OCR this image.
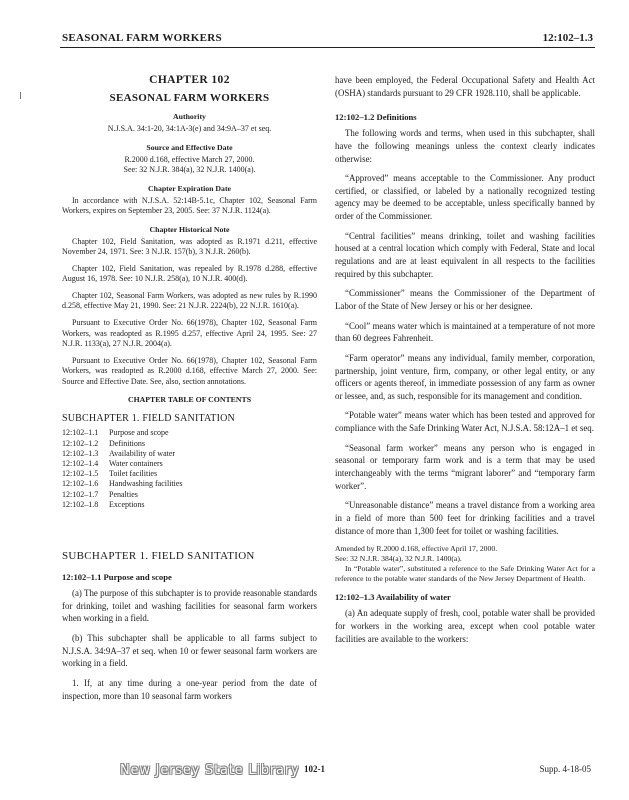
SEASONAL FARM WORKERS	12:102–1.3
CHAPTER 102
SEASONAL FARM WORKERS
Authority

N.J.S.A. 34:1-20, 34:1A-3(e) and 34:9A–37 et seq.

Source and Effective Date

R.2000 d.168, effective March 27, 2000.

See: 32 N.J.R. 384(a), 32 N.J.R. 1400(a).

Chapter Expiration Date

In accordance with N.J.S.A. 52:14B-5.1c, Chapter 102, Seasonal Farm Workers, expires on September 23, 2005. See: 37 N.J.R. 1124(a).

Chapter Historical Note

Chapter 102, Field Sanitation, was adopted as R.1971 d.211, effective November 24, 1971. See: 3 N.J.R. 157(b), 3 N.J.R. 260(b).

Chapter 102, Field Sanitation, was repealed by R.1978 d.288, effective August 16, 1978. See: 10 N.J.R. 258(a), 10 N.J.R. 400(d).

Chapter 102, Seasonal Farm Workers, was adopted as new rules by R.1990 d.258, effective May 21, 1990. See: 21 N.J.R. 2224(b), 22 N.J.R. 1610(a).

Pursuant to Executive Order No. 66(1978), Chapter 102, Seasonal Farm Workers, was readopted as R.1995 d.257, effective April 24, 1995. See: 27 N.J.R. 1133(a), 27 N.J.R. 2004(a).

Pursuant to Executive Order No. 66(1978), Chapter 102, Seasonal Farm Workers, was readopted as R.2000 d.168, effective March 27, 2000. See: Source and Effective Date. See, also, section annotations.

CHAPTER TABLE OF CONTENTS
SUBCHAPTER 1. FIELD SANITATION
12:102–1.1	Purpose and scope
12:102–1.2	Definitions
12:102–1.3	Availability of water
12:102–1.4	Water containers
12:102–1.5	Toilet facilities
12:102–1.6	Handwashing facilities
12:102–1.7	Penalties
12:102–1.8	Exceptions
SUBCHAPTER 1. FIELD SANITATION
12:102–1.1 Purpose and scope

(a) The purpose of this subchapter is to provide reasonable standards for drinking, toilet and washing facilities for seasonal farm workers when working in a field.

(b) This subchapter shall be applicable to all farms subject to N.J.S.A. 34:9A–37 et seq. when 10 or fewer seasonal farm workers are working in a field.

1. If, at any time during a one-year period from the date of inspection, more than 10 seasonal farm workers

have been employed, the Federal Occupational Safety and Health Act (OSHA) standards pursuant to 29 CFR 1928.110, shall be applicable.

12:102–1.2 Definitions

The following words and terms, when used in this subchapter, shall have the following meanings unless the context clearly indicates otherwise:

“Approved” means acceptable to the Commissioner. Any product certified, or classified, or labeled by a nationally recognized testing agency may be deemed to be acceptable, unless specifically banned by order of the Commissioner.

“Central facilities” means drinking, toilet and washing facilities housed at a central location which comply with Federal, State and local regulations and are at least equivalent in all respects to the facilities required by this subchapter.

“Commissioner” means the Commissioner of the Department of Labor of the State of New Jersey or his or her designee.

“Cool” means water which is maintained at a temperature of not more than 60 degrees Fahrenheit.

“Farm operator” means any individual, family member, corporation, partnership, joint venture, firm, company, or other legal entity, or any officers or agents thereof, in immediate possession of any farm as owner or lessee, and, as such, responsible for its management and condition.

“Potable water” means water which has been tested and approved for compliance with the Safe Drinking Water Act, N.J.S.A. 58:12A–1 et seq.

“Seasonal farm worker” means any person who is engaged in seasonal or temporary farm work and is a term that may be used interchangeably with the terms “migrant laborer” and “temporary farm worker”.

“Unreasonable distance” means a travel distance from a working area in a field of more than 500 feet for drinking facilities and a travel distance of more than 1,300 feet for toilet or washing facilities.

Amended by R.2000 d.168, effective April 17, 2000.

See: 32 N.J.R. 384(a), 32 N.J.R. 1400(a).

In “Potable water”, substituted a reference to the Safe Drinking Water Act for a reference to the potable water standards of the New Jersey Department of Health.

12:102–1.3 Availability of water

(a) An adequate supply of fresh, cool, potable water shall be provided for workers in the working area, except when cool potable water facilities are available to the workers:

New Jersey State Library 102-1	Supp. 4-18-05
